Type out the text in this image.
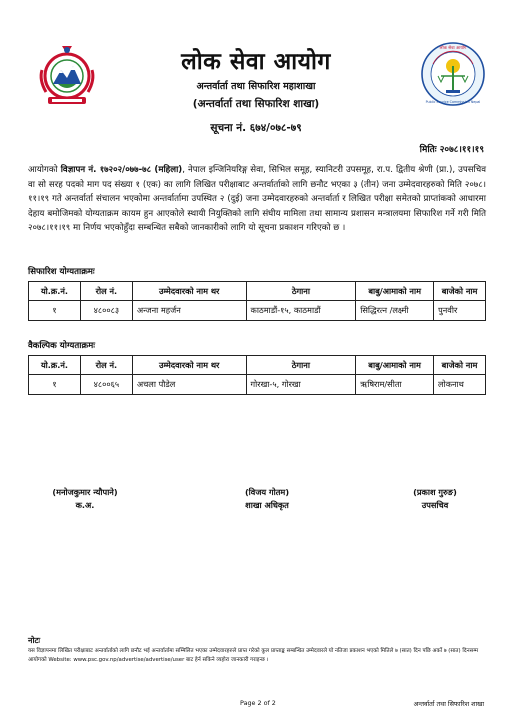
लोक सेवा आयोग
Public Service Commission Nepal
लोक सेवा आयोग
अन्तर्वार्ता तथा सिफारिश महाशाखा
(अन्तर्वार्ता तथा सिफारिश शाखा)
सूचना नं. ६७४/०७८-७९
मितिः २०७८।११।१९
आयोगको विज्ञापन नं. १७२०२/०७७-७८ (महिला), नेपाल इन्जिनियरिङ्ग सेवा, सिभिल समूह, स्यानिटरी उपसमूह, रा.प. द्वितीय श्रेणी (प्रा.), उपसचिव वा सो सरह पदको माग पद संख्या १ (एक) का लागि लिखित परीक्षाबाट अन्तर्वार्ताको लागि छनौट भएका ३ (तीन) जना उम्मेदवारहरुको मिति २०७८।११।१९ गते अन्तर्वार्ता संचालन भएकोमा अन्तर्वार्तामा उपस्थित २ (दुई) जना उम्मेदवारहरुको अन्तर्वार्ता र लिखित परीक्षा समेतको प्राप्तांकको आधारमा देहाय बमोजिमको योग्यताक्रम कायम हुन आएकोले स्थायी नियुक्तिको लागि संघीय मामिला तथा सामान्य प्रशासन मन्त्रालयमा सिफारिश गर्ने गरी मिति २०७८।११।१९ मा निर्णय भएकोहुँदा सम्बन्धित सबैको जानकारीको लागि यो सूचना प्रकाशन गरिएको छ ।
सिफारिश योग्यताक्रमः
यो.क्र.नं.	रोल नं.	उम्मेदवारको नाम थर	ठेगाना	बाबु/आमाको नाम	बाजेको नाम
१	४८००८३	अन्जना महर्जन	काठमाडौं-१५, काठमाडौं	सिद्धिरत्न /लक्ष्मी	पुनवीर
वैकल्पिक योग्यताक्रमः
यो.क्र.नं.	रोल नं.	उम्मेदवारको नाम थर	ठेगाना	बाबु/आमाको नाम	बाजेको नाम
१	४८००६५	अचला पौडेल	गोरखा-५, गोरखा	ऋषिराम/सीता	लोकनाथ
(मनोजकुमार न्यौपाने)
क.अ.
(विजय गोतम)
शाखा अधिकृत
(प्रकाश गुरुङ)
उपसचिव
नोटः
यस विज्ञापनमा लिखित परीक्षाबाट अन्तर्वार्ताको लागि छनौट भई अन्तर्वार्तामा सम्मिलित भएका उम्मेदवारहरुले प्राप्त गरेको कुल प्राप्ताङ्क सम्बन्धित उम्मेदवारले यो नतिजा प्रकाशन भएको मितिले ७ (सात) दिन पछि अर्को ७ (सात) दिनसम्म आयोगको Website: www.psc.gov.np/advertise/advertise/user बाट हेर्न सकिने व्यहोरा जानकारी गराइन्छ ।
Page 2 of 2	अन्तर्वार्ता तथा सिफारिश शाखा
